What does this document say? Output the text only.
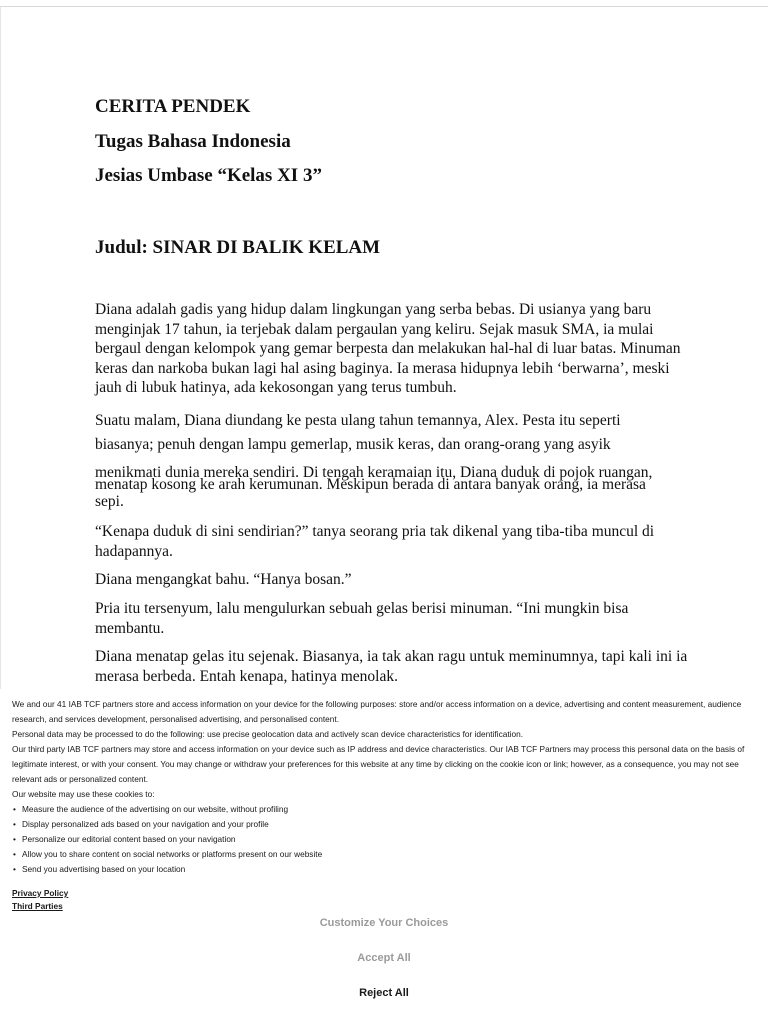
CERITA PENDEK
Tugas Bahasa Indonesia
Jesias Umbase “Kelas XI 3”
Judul: SINAR DI BALIK KELAM

Diana adalah gadis yang hidup dalam lingkungan yang serba bebas. Di usianya yang baru menginjak 17 tahun, ia terjebak dalam pergaulan yang keliru. Sejak masuk SMA, ia mulai bergaul dengan kelompok yang gemar berpesta dan melakukan hal-hal di luar batas. Minuman keras dan narkoba bukan lagi hal asing baginya. Ia merasa hidupnya lebih ‘berwarna’, meski jauh di lubuk hatinya, ada kekosongan yang terus tumbuh.

Suatu malam, Diana diundang ke pesta ulang tahun temannya, Alex. Pesta itu seperti

biasanya; penuh dengan lampu gemerlap, musik keras, dan orang-orang yang asyik

menikmati dunia mereka sendiri. Di tengah keramaian itu, Diana duduk di pojok ruangan,

menatap kosong ke arah kerumunan. Meskipun berada di antara banyak orang, ia merasa

sepi.

“Kenapa duduk di sini sendirian?” tanya seorang pria tak dikenal yang tiba-tiba muncul di hadapannya.

Diana mengangkat bahu. “Hanya bosan.”

Pria itu tersenyum, lalu mengulurkan sebuah gelas berisi minuman. “Ini mungkin bisa membantu.

Diana menatap gelas itu sejenak. Biasanya, ia tak akan ragu untuk meminumnya, tapi kali ini ia merasa berbeda. Entah kenapa, hatinya menolak.

We and our 41 IAB TCF partners store and access information on your device for the following purposes: store and/or access information on a device, advertising and content measurement, audience research, and services development, personalised advertising, and personalised content.

Personal data may be processed to do the following: use precise geolocation data and actively scan device characteristics for identification.

Our third party IAB TCF partners may store and access information on your device such as IP address and device characteristics. Our IAB TCF Partners may process this personal data on the basis of legitimate interest, or with your consent. You may change or withdraw your preferences for this website at any time by clicking on the cookie icon or link; however, as a consequence, you may not see relevant ads or personalized content.

Our website may use these cookies to:

• Measure the audience of the advertising on our website, without profiling
• Display personalized ads based on your navigation and your profile
• Personalize our editorial content based on your navigation
• Allow you to share content on social networks or platforms present on our website
• Send you advertising based on your location
Privacy Policy
Third Parties
Customize Your Choices
Accept All
Reject All
